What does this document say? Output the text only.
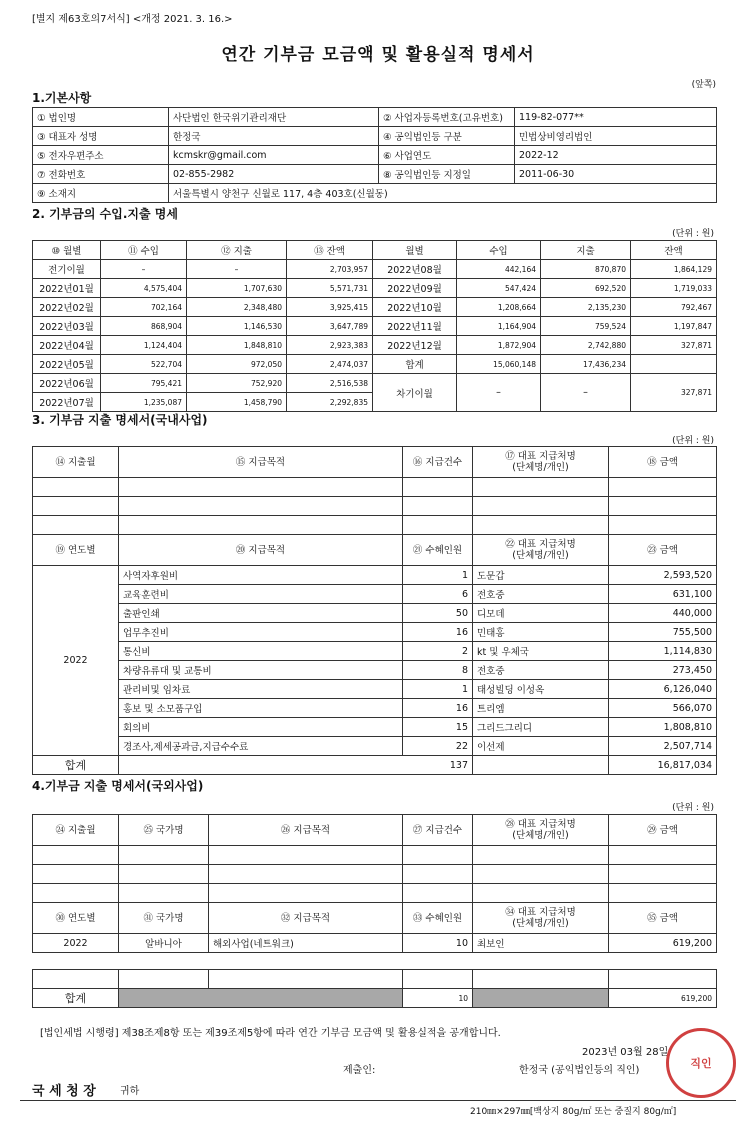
[별지 제63호의7서식] <개정 2021. 3. 16.>
연간 기부금 모금액 및 활용실적 명세서
(앞쪽)
1.기본사항
① 법인명	사단법인 한국위기관리재단	② 사업자등록번호(고유번호)	119-82-077**
③ 대표자 성명	한정국	④ 공익법인등 구분	민법상비영리법인
⑤ 전자우편주소	kcmskr@gmail.com	⑥ 사업연도	2022-12
⑦ 전화번호	02-855-2982	⑧ 공익법인등 지정일	2011-06-30
⑨ 소재지	서울특별시 양천구 신월로 117, 4층 403호(신월동)		
2. 기부금의 수입.지출 명세
(단위 : 원)
⑩ 월별	⑪ 수입	⑫ 지출	⑬ 잔액	월별	수입	지출	잔액
전기이월	–	–	2,703,957	2022년08월	442,164	870,870	1,864,129
2022년01월	4,575,404	1,707,630	5,571,731	2022년09월	547,424	692,520	1,719,033
2022년02월	702,164	2,348,480	3,925,415	2022년10월	1,208,664	2,135,230	792,467
2022년03월	868,904	1,146,530	3,647,789	2022년11월	1,164,904	759,524	1,197,847
2022년04월	1,124,404	1,848,810	2,923,383	2022년12월	1,872,904	2,742,880	327,871
2022년05월	522,704	972,050	2,474,037	합계	15,060,148	17,436,234	
2022년06월	795,421	752,920	2,516,538	차기이월	–	–	327,871
2022년07월	1,235,087	1,458,790	2,292,835				
3. 기부금 지출 명세서(국내사업)
(단위 : 원)
⑭ 지출월	⑮ 지급목적	⑯ 지급건수	⑰ 대표 지급처명
(단체명/개인)	⑱ 금액

⑲ 연도별	⑳ 지급목적	㉑ 수혜인원	㉒ 대표 지급처명
(단체명/개인)	㉓ 금액
2022	사역자후원비	1	도문갑	2,593,520
	교육훈련비	6	전호중	631,100
	출판인쇄	50	디모데	440,000
	업무추진비	16	민태홍	755,500
	통신비	2	kt 및 우체국	1,114,830
	차량유류대 및 교통비	8	전호중	273,450
	관리비및 임차료	1	태성빌딩 이성옥	6,126,040
	홍보 및 소모품구입	16	트리엠	566,070
	회의비	15	그리드그리디	1,808,810
	경조사,제세공과금,지급수수료	22	이선제	2,507,714
합계	137			16,817,034
4.기부금 지출 명세서(국외사업)
(단위 : 원)
㉔ 지출월	㉕ 국가명	㉖ 지급목적	㉗ 지급건수	㉘ 대표 지급처명
(단체명/개인)	㉙ 금액

㉚ 연도별	㉛ 국가명	㉜ 지급목적	㉝ 수혜인원	㉞ 대표 지급처명
(단체명/개인)	㉟ 금액
2022	알바니아	해외사업(네트워크)	10	최보인	619,200

합계			10		619,200
[법인세법 시행령] 제38조제8항 또는 제39조제5항에 따라 연간 기부금 모금액 및 활용실적을 공개합니다.
2023년 03월 28일
제출인:	한정국 (공익법인등의 직인)
국 세 청 장 귀하
210㎜×297㎜[백상지 80g/㎡ 또는 중질지 80g/㎡]
직인
